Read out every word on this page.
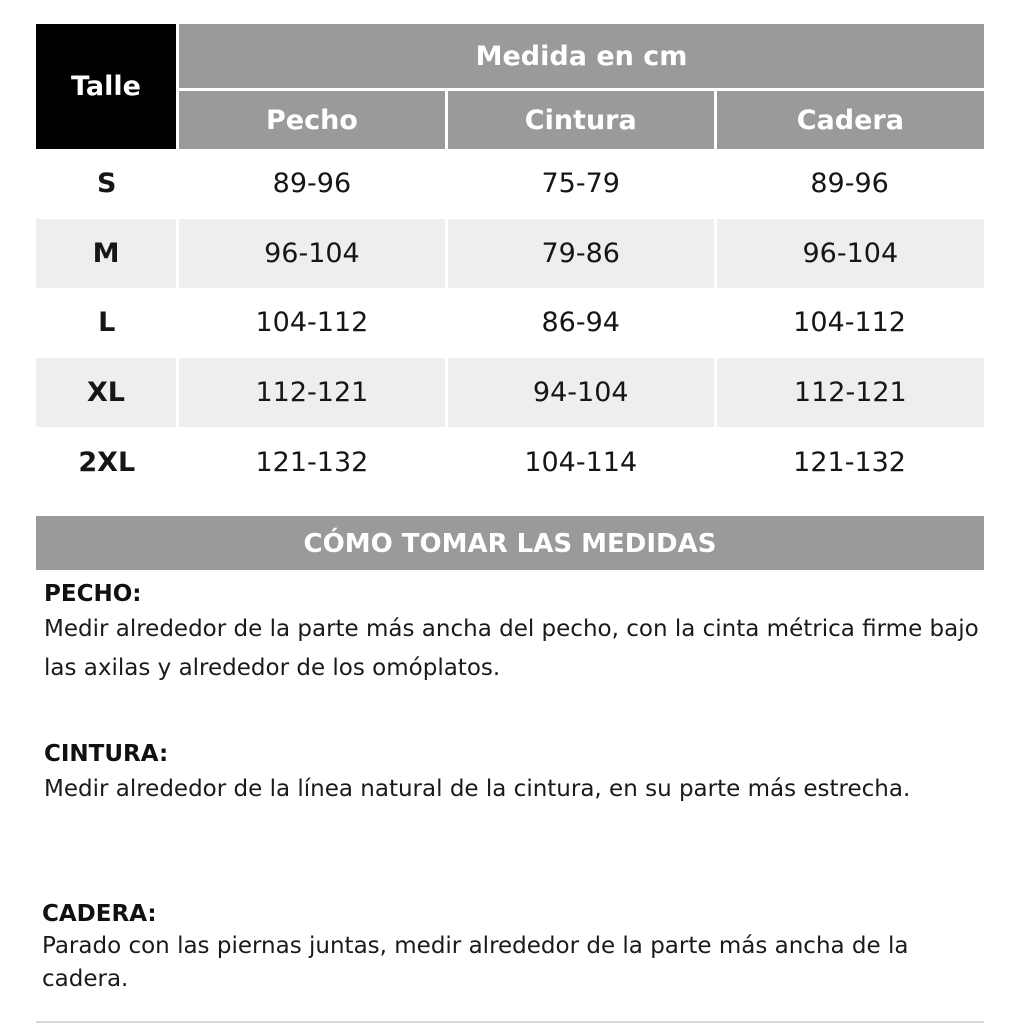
Talle	Medida en cm		
	Pecho	Cintura	Cadera
S	89-96	75-79	89-96
M	96-104	79-86	96-104
L	104-112	86-94	104-112
XL	112-121	94-104	112-121
2XL	121-132	104-114	121-132
CÓMO TOMAR LAS MEDIDAS

PECHO:

Medir alrededor de la parte más ancha del pecho, con la cinta métrica firme bajo las axilas y alrededor de los omóplatos.

CINTURA:

Medir alrededor de la línea natural de la cintura, en su parte más estrecha.

CADERA:

Parado con las piernas juntas, medir alrededor de la parte más ancha de la cadera.
